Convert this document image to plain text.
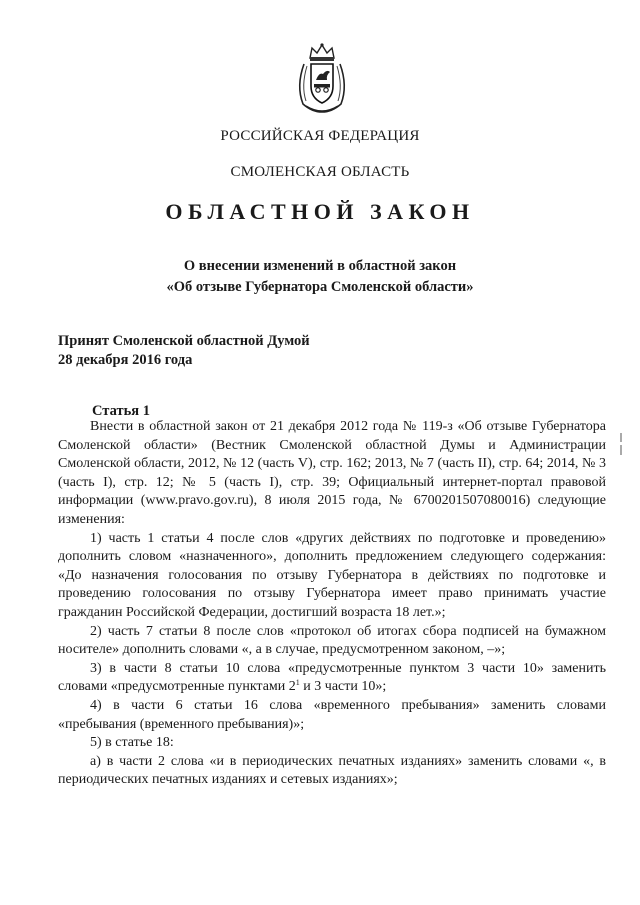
РОССИЙСКАЯ ФЕДЕРАЦИЯ
СМОЛЕНСКАЯ ОБЛАСТЬ
ОБЛАСТНОЙ ЗАКОН
О внесении изменений в областной закон
«Об отзыве Губернатора Смоленской области»
Принят Смоленской областной Думой
28 декабря 2016 года
Статья 1

Внести в областной закон от 21 декабря 2012 года № 119-з «Об отзыве Губернатора Смоленской области» (Вестник Смоленской областной Думы и Администрации Смоленской области, 2012, № 12 (часть V), стр. 162; 2013, № 7 (часть II), стр. 64; 2014, № 3 (часть I), стр. 12; № 5 (часть I), стр. 39; Официальный интернет-портал правовой информации (www.pravo.gov.ru), 8 июля 2015 года, № 6700201507080016) следующие изменения:

1) часть 1 статьи 4 после слов «других действиях по подготовке и проведению» дополнить словом «назначенного», дополнить предложением следующего содержания: «До назначения голосования по отзыву Губернатора в действиях по подготовке и проведению голосования по отзыву Губернатора имеет право принимать участие гражданин Российской Федерации, достигший возраста 18 лет.»;

2) часть 7 статьи 8 после слов «протокол об итогах сбора подписей на бумажном носителе» дополнить словами «, а в случае, предусмотренном законом, –»;

3) в части 8 статьи 10 слова «предусмотренные пунктом 3 части 10» заменить словами «предусмотренные пунктами $2^1$ и 3 части 10»;

4) в части 6 статьи 16 слова «временного пребывания» заменить словами «пребывания (временного пребывания)»;

5) в статье 18:

а) в части 2 слова «и в периодических печатных изданиях» заменить словами «, в периодических печатных изданиях и сетевых изданиях»;
